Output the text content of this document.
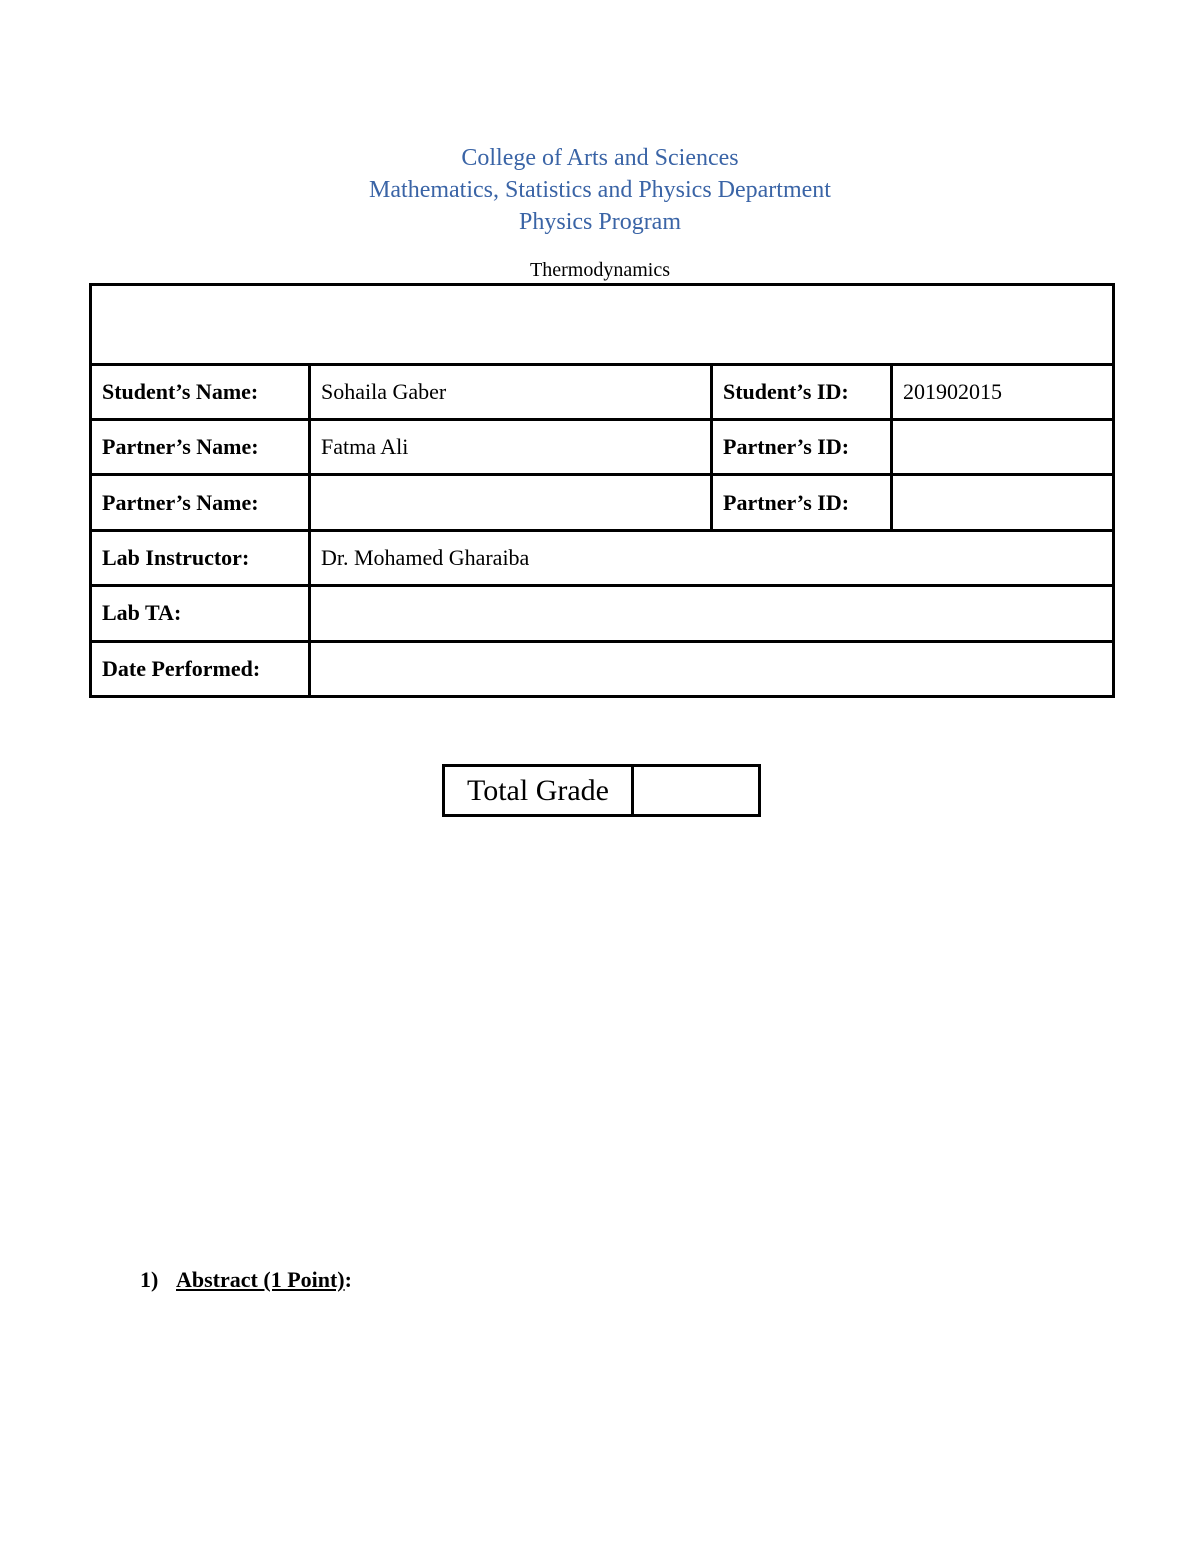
College of Arts and Sciences
Mathematics, Statistics and Physics Department
Physics Program
Thermodynamics

Student’s Name:	Sohaila Gaber	Student’s ID:	201902015
Partner’s Name:	Fatma Ali	Partner’s ID:	
Partner’s Name:		Partner’s ID:	
Lab Instructor:	Dr. Mohamed Gharaiba		
Lab TA:			
Date Performed:			
Total Grade	
1) Abstract (1 Point):
